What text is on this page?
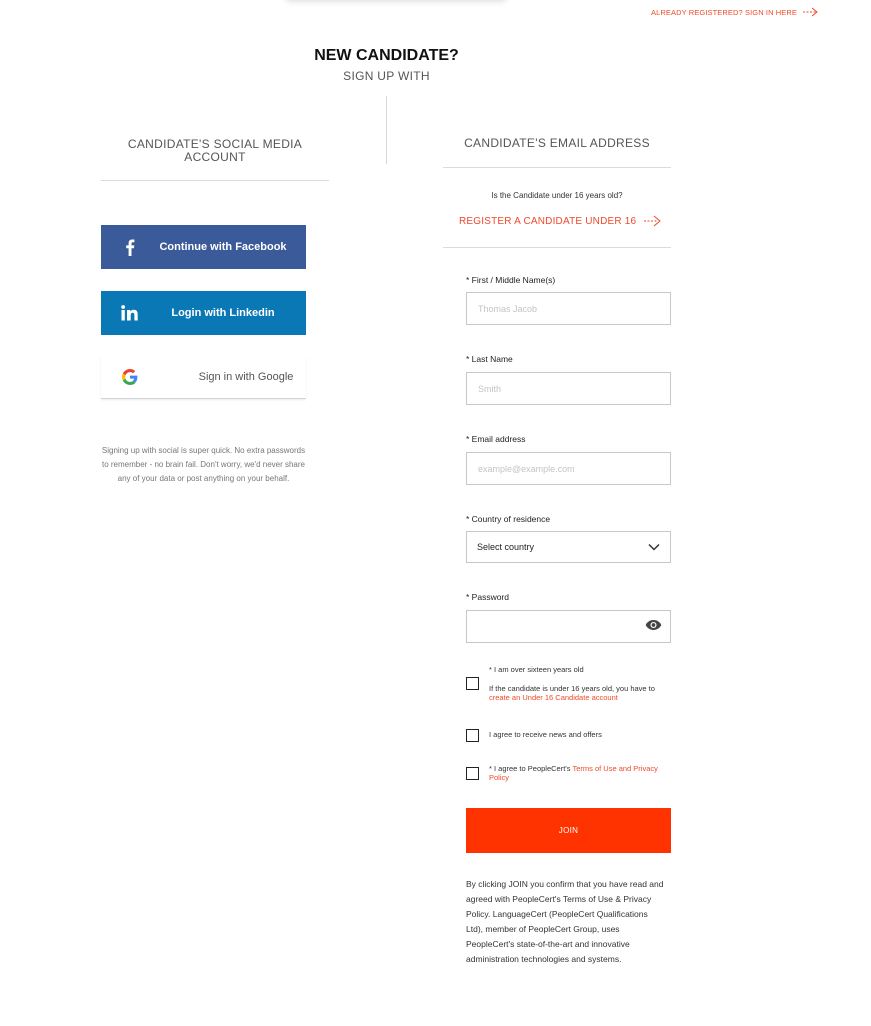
ALREADY REGISTERED? SIGN IN HERE
NEW CANDIDATE?
SIGN UP WITH
CANDIDATE'S SOCIAL MEDIA ACCOUNT
Continue with Facebook
Login with Linkedin
Sign in with Google
Signing up with social is super quick. No extra passwords to remember - no brain fail. Don't worry, we'd never share any of your data or post anything on your behalf.
CANDIDATE'S EMAIL ADDRESS
Is the Candidate under 16 years old?
REGISTER A CANDIDATE UNDER 16
* First / Middle Name(s)
Thomas Jacob
* Last Name
Smith
* Email address
example@example.com
* Country of residence
Select country
* Password
* I am over sixteen years old
If the candidate is under 16 years old, you have to create an Under 16 Candidate account
I agree to receive news and offers
* I agree to PeopleCert's Terms of Use and Privacy Policy
JOIN
By clicking JOIN you confirm that you have read and agreed with PeopleCert's Terms of Use & Privacy Policy. LanguageCert (PeopleCert Qualifications Ltd), member of PeopleCert Group, uses PeopleCert's state-of-the-art and innovative administration technologies and systems.
